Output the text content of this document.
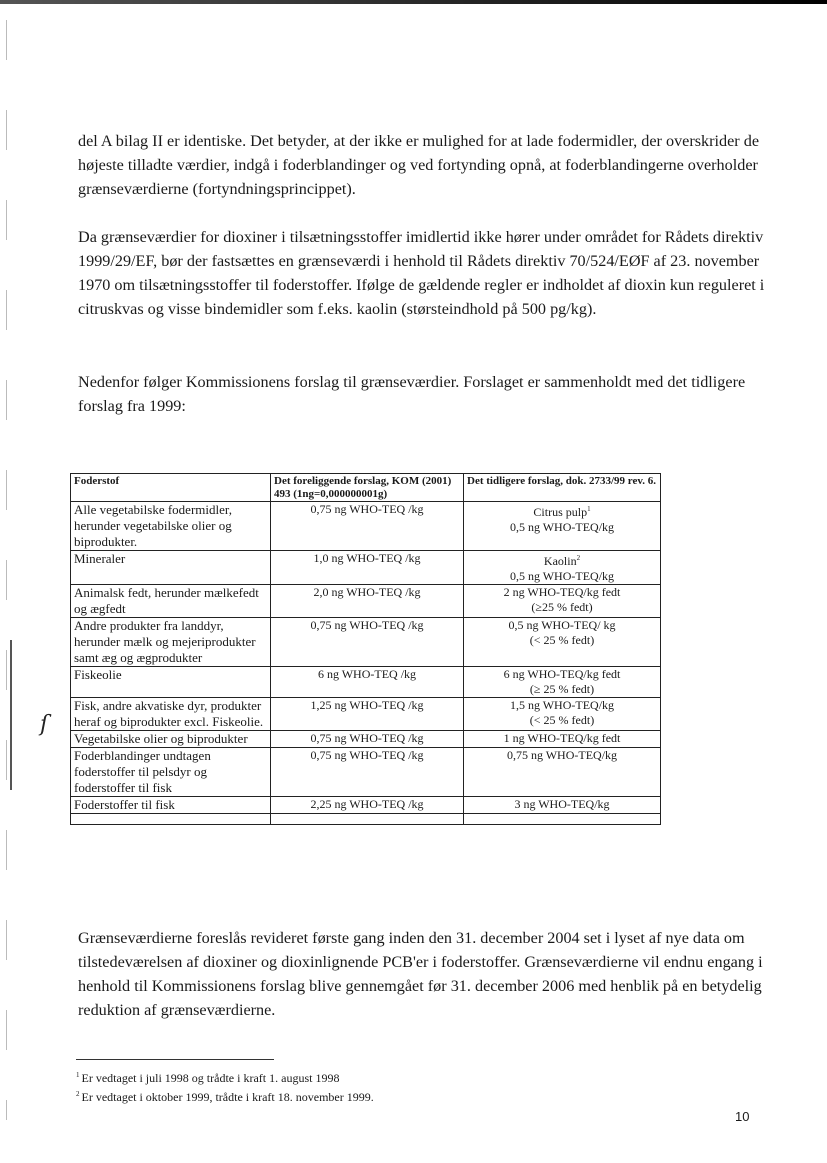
ſ

del A bilag II er identiske. Det betyder, at der ikke er mulighed for at lade fodermidler, der overskrider de højeste tilladte værdier, indgå i foderblandinger og ved fortynding opnå, at foderblandingerne overholder grænseværdierne (fortyndningsprincippet).

Da grænseværdier for dioxiner i tilsætningsstoffer imidlertid ikke hører under området for Rådets direktiv 1999/29/EF, bør der fastsættes en grænseværdi i henhold til Rådets direktiv 70/524/EØF af 23. november 1970 om tilsætningsstoffer til foderstoffer. Ifølge de gældende regler er indholdet af dioxin kun reguleret i citruskvas og visse bindemidler som f.eks. kaolin (størsteindhold på 500 pg/kg).

Nedenfor følger Kommissionens forslag til grænseværdier. Forslaget er sammenholdt med det tidligere forslag fra 1999:

Foderstof	Det foreliggende forslag, KOM (2001) 493 (1ng=0,000000001g)	Det tidligere forslag, dok. 2733/99 rev. 6.
Alle vegetabilske fodermidler, herunder vegetabilske olier og biprodukter.	0,75 ng WHO-TEQ /kg	Citrus pulp$^1$
0,5 ng WHO-TEQ/kg
Mineraler	1,0 ng WHO-TEQ /kg	Kaolin$^2$
0,5 ng WHO-TEQ/kg
Animalsk fedt, herunder mælkefedt og ægfedt	2,0 ng WHO-TEQ /kg	2 ng WHO-TEQ/kg fedt
(≥25 % fedt)
Andre produkter fra landdyr, herunder mælk og mejeriprodukter samt æg og ægprodukter	0,75 ng WHO-TEQ /kg	0,5 ng WHO-TEQ/ kg
(< 25 % fedt)
Fiskeolie	6 ng WHO-TEQ /kg	6 ng WHO-TEQ/kg fedt
(≥ 25 % fedt)
Fisk, andre akvatiske dyr, produkter heraf og biprodukter excl. Fiskeolie.	1,25 ng WHO-TEQ /kg	1,5 ng WHO-TEQ/kg
(< 25 % fedt)
Vegetabilske olier og biprodukter	0,75 ng WHO-TEQ /kg	1 ng WHO-TEQ/kg fedt
Foderblandinger undtagen foderstoffer til pelsdyr og foderstoffer til fisk	0,75 ng WHO-TEQ /kg	0,75 ng WHO-TEQ/kg
Foderstoffer til fisk	2,25 ng WHO-TEQ /kg	3 ng WHO-TEQ/kg

Grænseværdierne foreslås revideret første gang inden den 31. december 2004 set i lyset af nye data om tilstedeværelsen af dioxiner og dioxinlignende PCB'er i foderstoffer. Grænseværdierne vil endnu engang i henhold til Kommissionens forslag blive gennemgået før 31. december 2006 med henblik på en betydelig reduktion af grænseværdierne.

$^1$ Er vedtaget i juli 1998 og trådte i kraft 1. august 1998
$^2$ Er vedtaget i oktober 1999, trådte i kraft 18. november 1999.
10
